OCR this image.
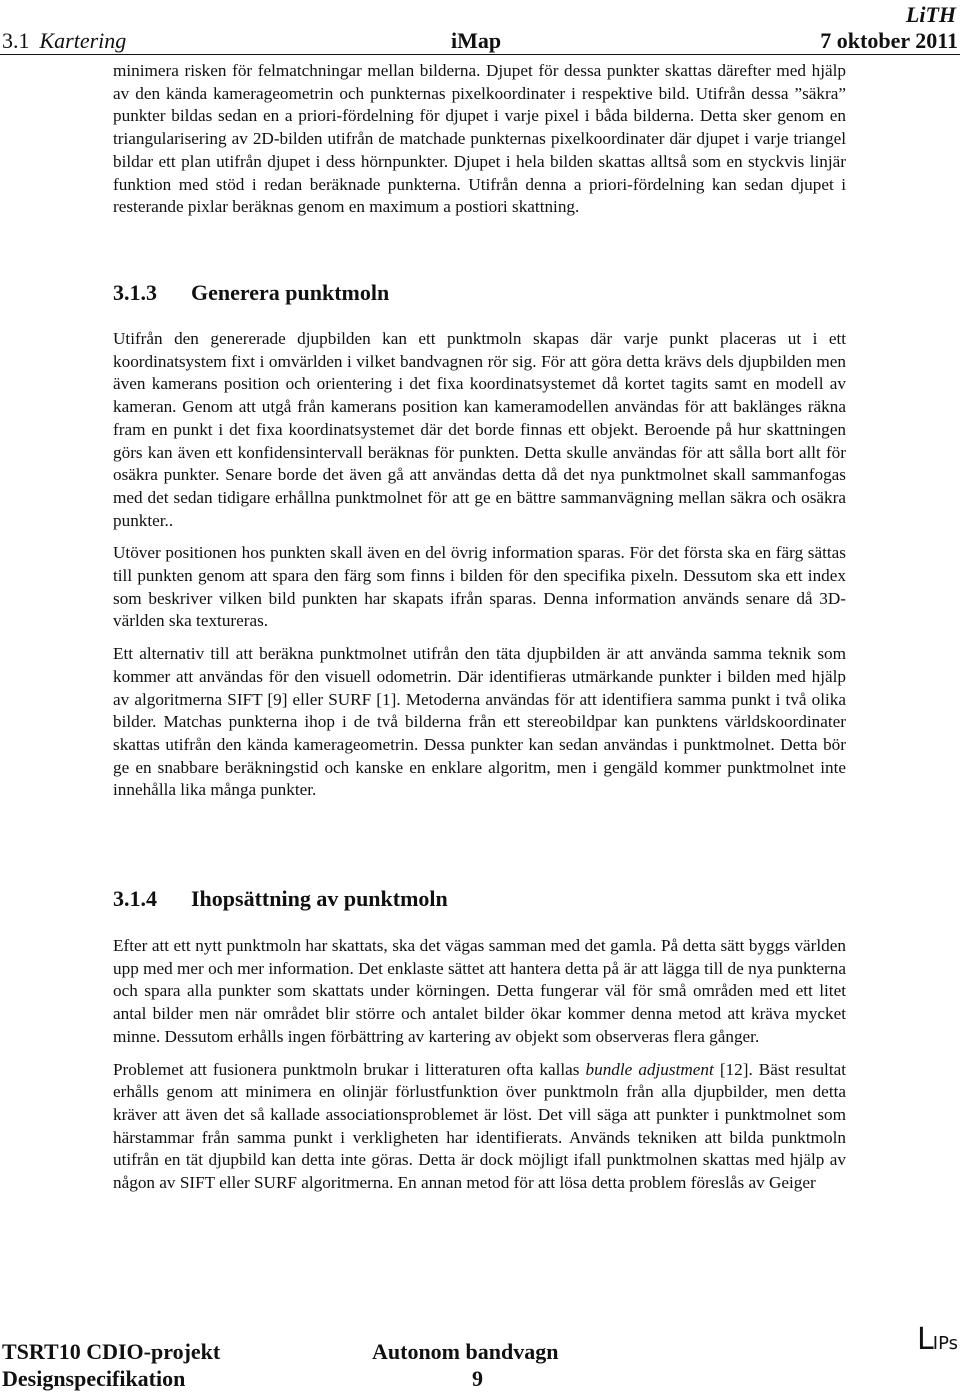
LiTH
3.1 Kartering	iMap	7 oktober 2011

minimera risken för felmatchningar mellan bilderna. Djupet för dessa punkter skattas därefter med hjälp av den kända kamerageometrin och punkternas pixelkoordinater i respektive bild. Utifrån dessa ”säkra” punkter bildas sedan en a priori-fördelning för djupet i varje pixel i båda bilderna. Detta sker genom en triangularisering av 2D-bilden utifrån de matchade punkternas pixelkoordinater där djupet i varje triangel bildar ett plan utifrån djupet i dess hörnpunkter. Djupet i hela bilden skattas alltså som en styckvis linjär funktion med stöd i redan beräknade punkterna. Utifrån denna a priori-fördelning kan sedan djupet i resterande pixlar beräknas genom en maximum a postiori skattning.

3.1.3 Generera punktmoln

Utifrån den genererade djupbilden kan ett punktmoln skapas där varje punkt placeras ut i ett koordinatsystem fixt i omvärlden i vilket bandvagnen rör sig. För att göra detta krävs dels djupbilden men även kamerans position och orientering i det fixa koordinatsystemet då kortet tagits samt en modell av kameran. Genom att utgå från kamerans position kan kameramodellen användas för att baklänges räkna fram en punkt i det fixa koordinatsystemet där det borde finnas ett objekt. Beroende på hur skattningen görs kan även ett konfidensintervall beräknas för punkten. Detta skulle användas för att sålla bort allt för osäkra punkter. Senare borde det även gå att användas detta då det nya punktmolnet skall sammanfogas med det sedan tidigare erhållna punktmolnet för att ge en bättre sammanvägning mellan säkra och osäkra punkter..

Utöver positionen hos punkten skall även en del övrig information sparas. För det första ska en färg sättas till punkten genom att spara den färg som finns i bilden för den specifika pixeln. Dessutom ska ett index som beskriver vilken bild punkten har skapats ifrån sparas. Denna information används senare då 3D-världen ska textureras.

Ett alternativ till att beräkna punktmolnet utifrån den täta djupbilden är att använda samma teknik som kommer att användas för den visuell odometrin. Där identifieras utmärkande punkter i bilden med hjälp av algoritmerna SIFT [9] eller SURF [1]. Metoderna användas för att identifiera samma punkt i två olika bilder. Matchas punkterna ihop i de två bilderna från ett stereobildpar kan punktens världskoordinater skattas utifrån den kända kamerageometrin. Dessa punkter kan sedan användas i punktmolnet. Detta bör ge en snabbare beräkningstid och kanske en enklare algoritm, men i gengäld kommer punktmolnet inte innehålla lika många punkter.

3.1.4 Ihopsättning av punktmoln

Efter att ett nytt punktmoln har skattats, ska det vägas samman med det gamla. På detta sätt byggs världen upp med mer och mer information. Det enklaste sättet att hantera detta på är att lägga till de nya punkterna och spara alla punkter som skattats under körningen. Detta fungerar väl för små områden med ett litet antal bilder men när området blir större och antalet bilder ökar kommer denna metod att kräva mycket minne. Dessutom erhålls ingen förbättring av kartering av objekt som observeras flera gånger.

Problemet att fusionera punktmoln brukar i litteraturen ofta kallas bundle adjustment [12]. Bäst resultat erhålls genom att minimera en olinjär förlustfunktion över punktmoln från alla djupbilder, men detta kräver att även det så kallade associationsproblemet är löst. Det vill säga att punkter i punktmolnet som härstammar från samma punkt i verkligheten har identifierats. Används tekniken att bilda punktmoln utifrån en tät djupbild kan detta inte göras. Detta är dock möjligt ifall punktmolnen skattas med hjälp av någon av SIFT eller SURF algoritmerna. En annan metod för att lösa detta problem föreslås av Geiger

TSRT10 CDIO-projekt	Autonom bandvagn
Designspecifikation	9
LIPs
